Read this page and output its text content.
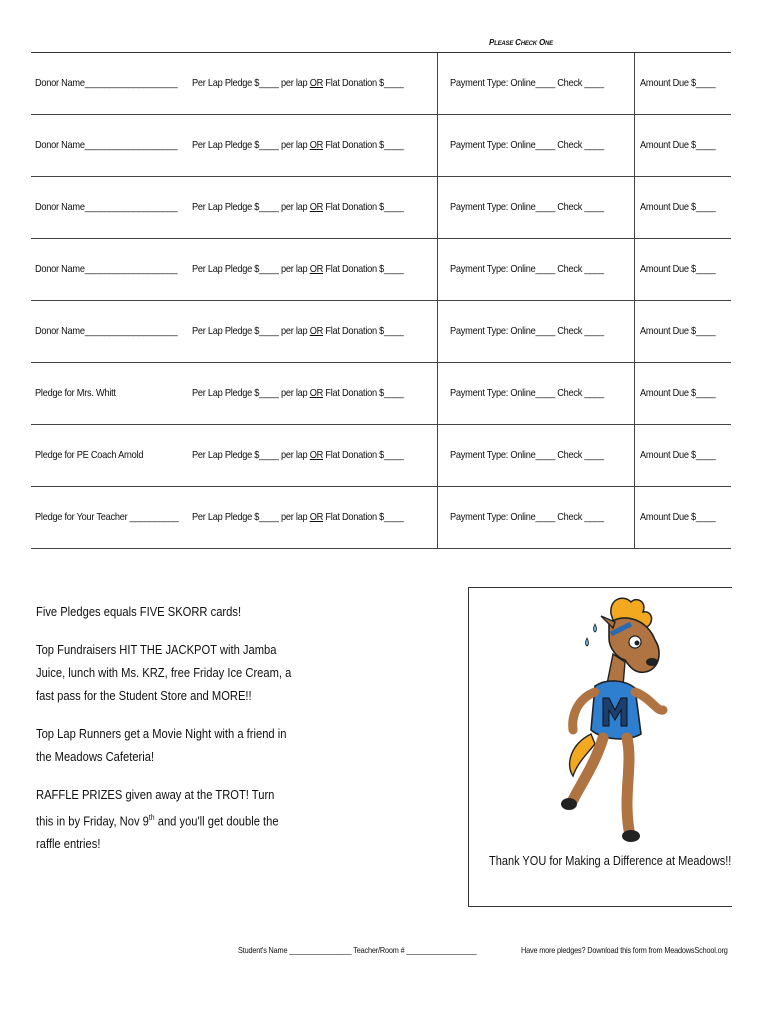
Please Check One
Donor Name___________________ Per Lap Pledge $____ per lap OR Flat Donation $____	Payment Type: Online____ Check ____	Amount Due $____
Donor Name___________________ Per Lap Pledge $____ per lap OR Flat Donation $____	Payment Type: Online____ Check ____	Amount Due $____
Donor Name___________________ Per Lap Pledge $____ per lap OR Flat Donation $____	Payment Type: Online____ Check ____	Amount Due $____
Donor Name___________________ Per Lap Pledge $____ per lap OR Flat Donation $____	Payment Type: Online____ Check ____	Amount Due $____
Donor Name___________________ Per Lap Pledge $____ per lap OR Flat Donation $____	Payment Type: Online____ Check ____	Amount Due $____
Pledge for Mrs. Whitt	Per Lap Pledge $____ per lap OR Flat Donation $____	Payment Type: Online____ Check ____	Amount Due $____
Pledge for PE Coach Arnold	Per Lap Pledge $____ per lap OR Flat Donation $____	Payment Type: Online____ Check ____	Amount Due $____
Pledge for Your Teacher __________ Per Lap Pledge $____ per lap OR Flat Donation $____	Payment Type: Online____ Check ____	Amount Due $____

Five Pledges equals FIVE SKORR cards!

Top Fundraisers HIT THE JACKPOT with Jamba Juice, lunch with Ms. KRZ, free Friday Ice Cream, a fast pass for the Student Store and MORE!!

Top Lap Runners get a Movie Night with a friend in the Meadows Cafeteria!

RAFFLE PRIZES given away at the TROT! Turn this in by Friday, Nov 9th and you'll get double the raffle entries!

Thank YOU for Making a Difference at Meadows!!
Student's Name ________________ Teacher/Room # __________________	Have more pledges? Download this form from MeadowsSchool.org
